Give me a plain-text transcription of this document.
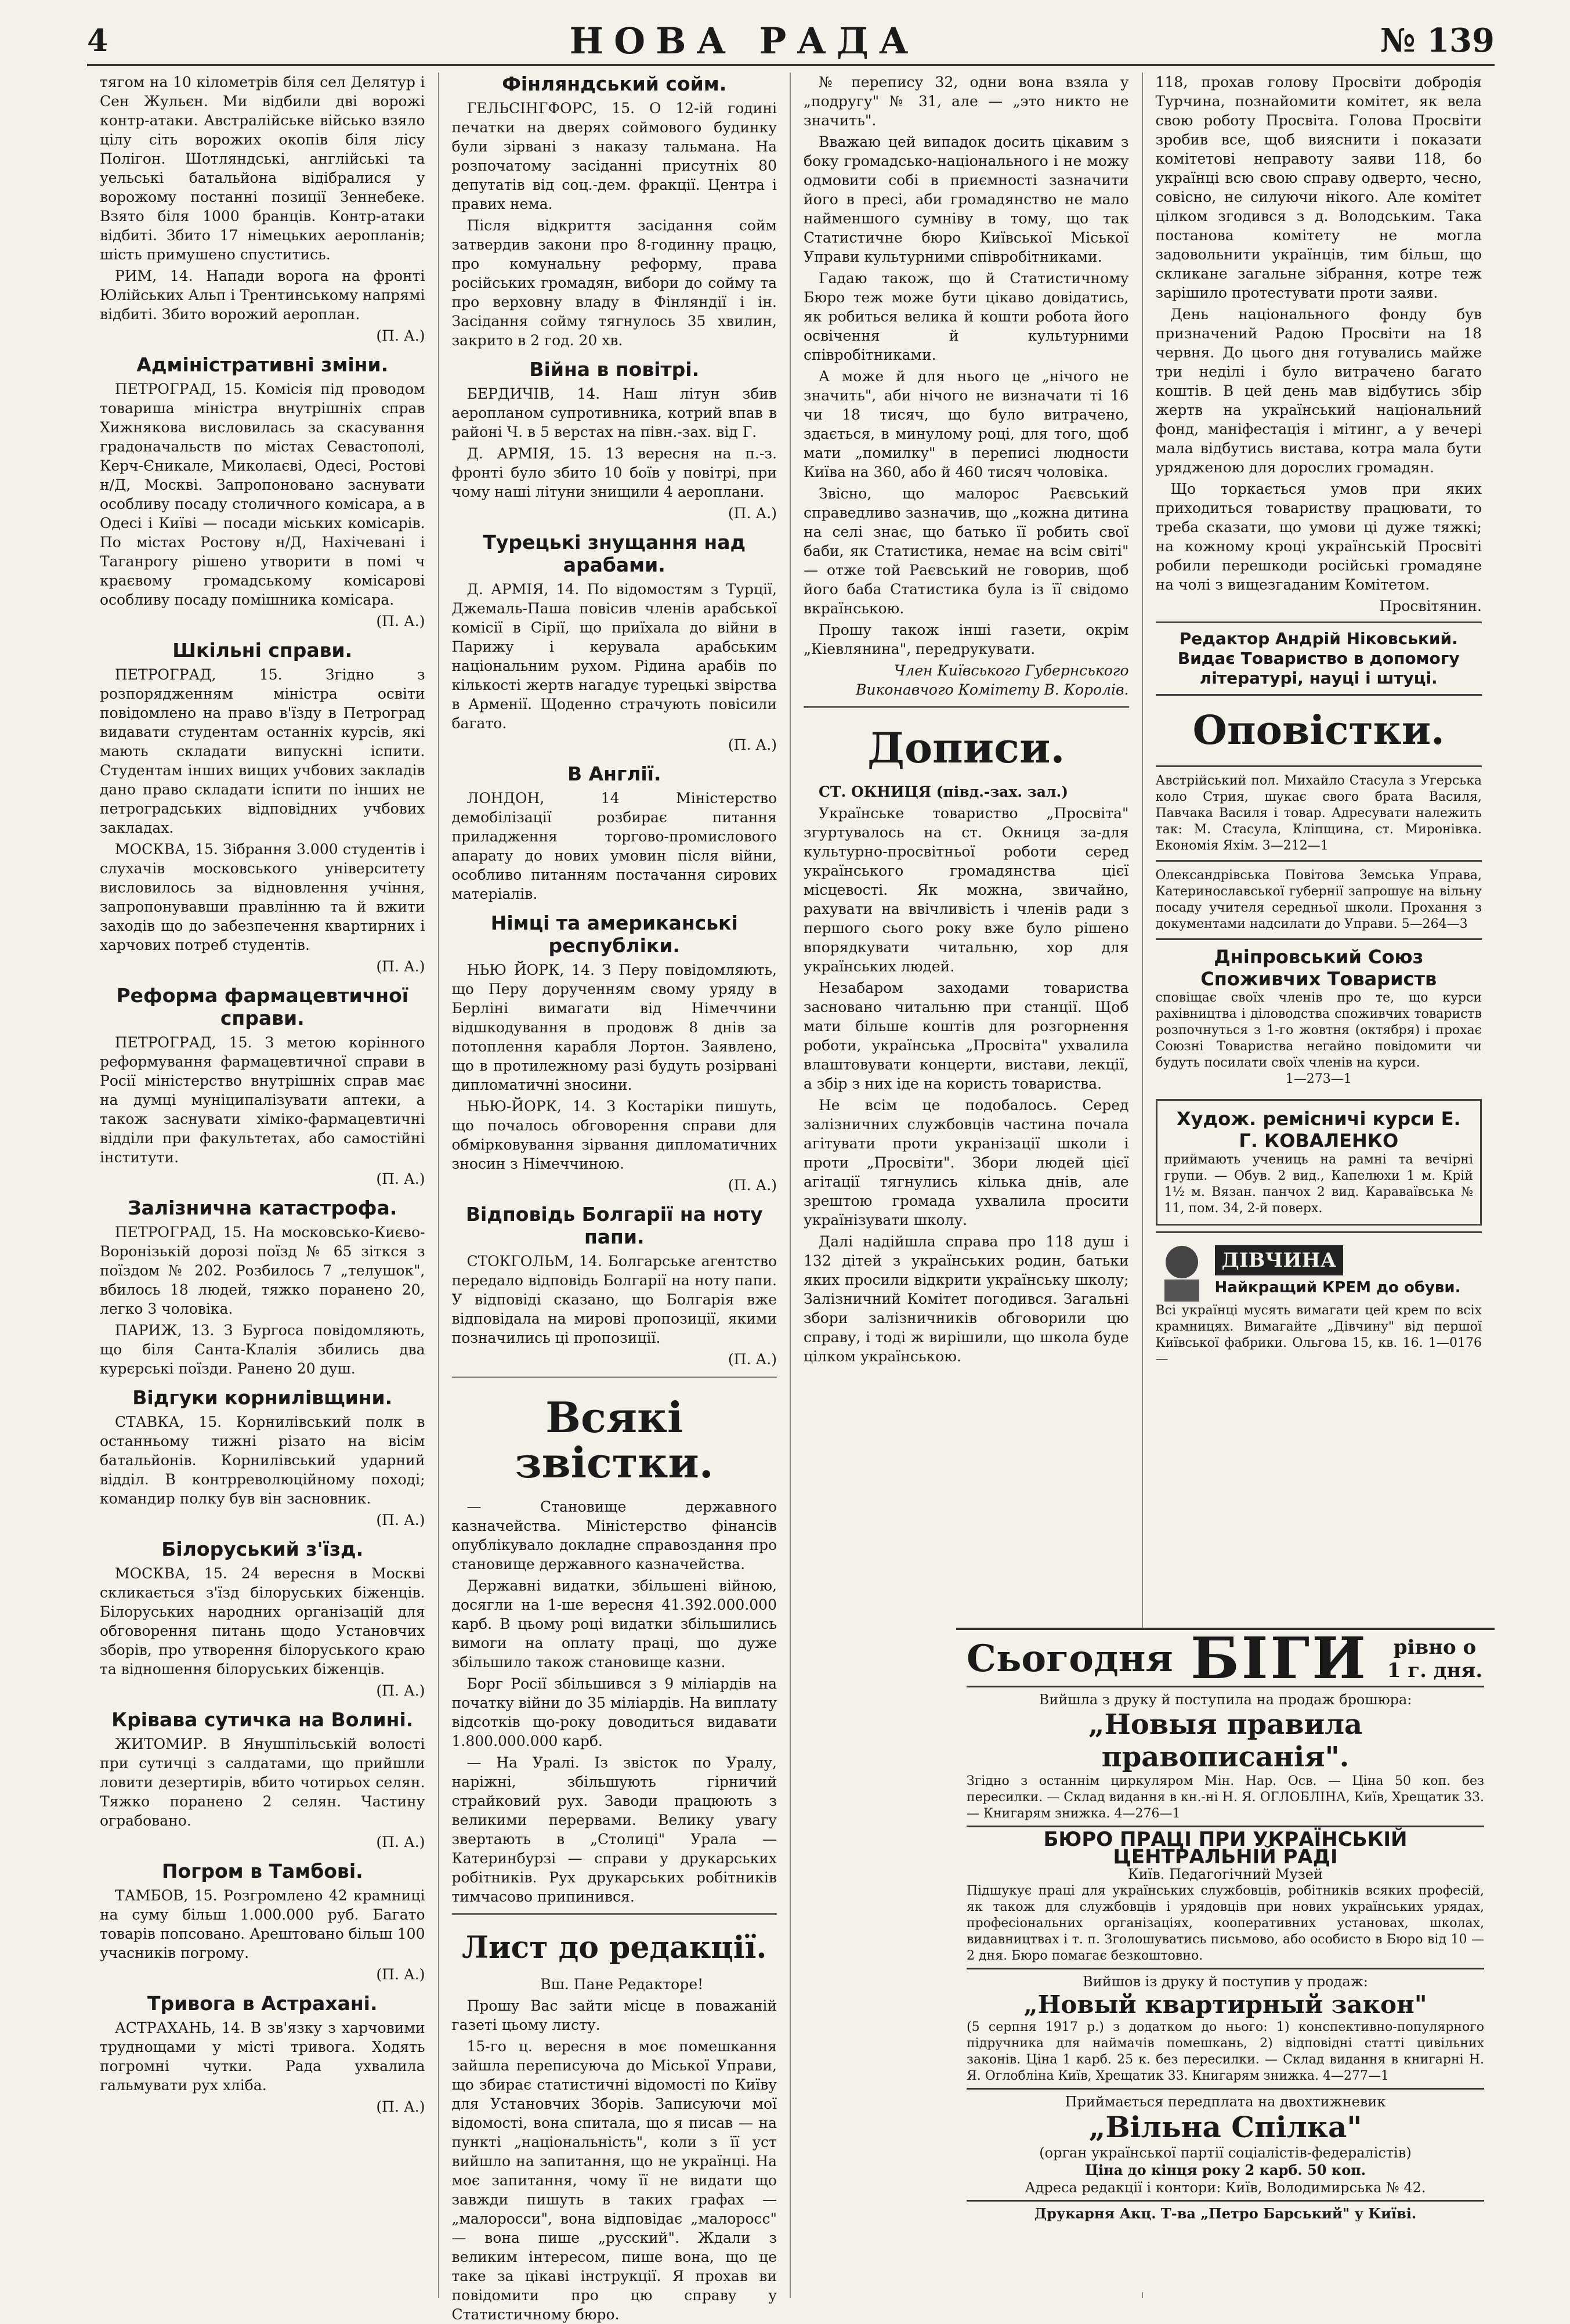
4	НОВА РАДА	№ 139

тягом на 10 кілометрів біля сел Делятур і Сен Жульєн. Ми відбили дві ворожі контр-атаки. Австралійське військо взяло цілу сіть ворожих окопів біля лісу Полігон. Шотляндські, англійські та уельські батальйона відібралися у ворожому постанні позиції Зеннебеке. Взято біля 1000 бранців. Контр-атаки відбиті. Збито 17 німецьких аеропланів; шість примушено спуститись.

РИМ, 14. Напади ворога на фронті Юлійських Альп і Трентинському напрямі відбиті. Збито ворожий аероплан.

(П. А.)

Адміністративні зміни.

ПЕТРОГРАД, 15. Комісія під проводом товариша міністра внутрішніх справ Хижнякова висловилась за скасування градоначальств по містах Севастополі, Керч-Єникале, Миколаєві, Одесі, Ростові н/Д, Москві. Запропоновано заснувати особливу посаду столичного комісара, а в Одесі і Київі — посади міських комісарів. По містах Ростову н/Д, Нахічевані і Таганрогу рішено утворити в помі ч краєвому громадському комісарові особливу посаду помішника комісара.

(П. А.)

Шкільні справи.

ПЕТРОГРАД, 15. Згідно з розпорядженням міністра освіти повідомлено на право в'їзду в Петроград видавати студентам останніх курсів, які мають складати випускні іспити. Студентам інших вищих учбових закладів дано право складати іспити по інших не петроградських відповідних учбових закладах.

МОСКВА, 15. Зібрання 3.000 студентів і слухачів московського університету висловилось за відновлення учіння, запропонувавши правлінню та й вжити заходів що до забезпечення квартирних і харчових потреб студентів.

(П. А.)

Реформа фармацевтичної справи.

ПЕТРОГРАД, 15. З метою корінного реформування фармацевтичної справи в Росії міністерство внутрішніх справ має на думці муніципалізувати аптеки, а також заснувати хіміко-фармацевтичні відділи при факультетах, або самостійні інститути.

(П. А.)

Залізнична катастрофа.

ПЕТРОГРАД, 15. На московсько-Києво-Воронізькій дорозі поїзд № 65 зіткся з поїздом № 202. Розбилось 7 „телушок", вбилось 18 людей, тяжко поранено 20, легко 3 чоловіка.

ПАРИЖ, 13. З Бургоса повідомляють, що біля Санта-Клалія збились два курєрські поїзди. Ранено 20 душ.

Відгуки корнилівщини.

СТАВКА, 15. Корнилівський полк в останньому тижні різато на вісім батальйонів. Корнилівський ударний відділ. В контрреволюційному поході; командир полку був він засновник.

(П. А.)

Білоруський з'їзд.

МОСКВА, 15. 24 вересня в Москві скликається з'їзд білоруських біженців. Білоруських народних організацій для обговорення питань щодо Установчих зборів, про утворення білоруського краю та відношення білоруських біженців.

(П. А.)

Крівава сутичка на Волині.

ЖИТОМИР. В Янушпільській волості при сутичці з салдатами, що прийшли ловити дезертирів, вбито чотирьох селян. Тяжко поранено 2 селян. Частину ограбовано.

(П. А.)

Погром в Тамбові.

ТАМБОВ, 15. Розгромлено 42 крамниці на суму більш 1.000.000 руб. Багато товарів попсовано. Арештовано більш 100 учасників погрому.

(П. А.)

Тривога в Астрахані.

АСТРАХАНЬ, 14. В зв'язку з харчовими труднощами у місті тривога. Ходять погромні чутки. Рада ухвалила гальмувати рух хліба.

(П. А.)

Фінляндський сойм.

ГЕЛЬСІНГФОРС, 15. О 12-ій годині печатки на дверях соймового будинку були зірвані з наказу тальмана. На розпочатому засіданні присутніх 80 депутатів від соц.-дем. фракції. Центра і правих нема.

Після відкриття засідання сойм затвердив закони про 8-годинну працю, про комунальну реформу, права російських громадян, вибори до сойму та про верховну владу в Фінляндії і ін. Засідання сойму тягнулось 35 хвилин, закрито в 2 год. 20 хв.

Війна в повітрі.

БЕРДИЧІВ, 14. Наш літун збив аеропланом супротивника, котрий впав в районі Ч. в 5 верстах на півн.-зах. від Г.

Д. АРМІЯ, 15. 13 вересня на п.-з. фронті було збито 10 боїв у повітрі, при чому наші літуни знищили 4 аероплани.

(П. А.)

Турецькі знущання над арабами.

Д. АРМІЯ, 14. По відомостям з Турції, Джемаль-Паша повісив членів арабської комісії в Сірії, що приїхала до війни в Парижу і керувала арабським національним рухом. Рідина арабів по кількості жертв нагадує турецькі звірства в Арменії. Щоденно страчують повісили багато.

(П. А.)

В Англії.

ЛОНДОН, 14 Міністерство демобілізації розбирає питання приладження торгово-промислового апарату до нових умовин після війни, особливо питанням постачання сирових матеріалів.

Німці та американські республіки.

НЬЮ ЙОРК, 14. З Перу повідомляють, що Перу дорученням свому уряду в Берліні вимагати від Німеччини відшкодування в продовж 8 днів за потоплення карабля Лортон. Заявлено, що в протилежному разі будуть розірвані дипломатичні зносини.

НЬЮ-ЙОРК, 14. З Костаріки пишуть, що почалось обговорення справи для обмірковування зірвання дипломатичних зносин з Німеччиною.

(П. А.)

Відповідь Болгарії на ноту папи.

СТОКГОЛЬМ, 14. Болгарське агентство передало відповідь Болгарії на ноту папи. У відповіді сказано, що Болгарія вже відповідала на мирові пропозиції, якими позначились ці пропозиції.

(П. А.)

Всякі звістки.

— Становище державного казначейства. Міністерство фінансів опублікувало докладне справоздання про становище державного казначейства.

Державні видатки, збільшені війною, досягли на 1-ше вересня 41.392.000.000 карб. В цьому році видатки збільшились вимоги на оплату праці, що дуже збільшило також становище казни.

Борг Росії збільшився з 9 міліардів на початку війни до 35 міліардів. На виплату відсотків що-року доводиться видавати 1.800.000.000 карб.

— На Уралі. Із звісток по Уралу, наріжні, збільшують гірничий страйковий рух. Заводи працюють з великими перервами. Велику увагу звертають в „Столиці" Урала — Катеринбурзі — справи у друкарських робітників. Рух друкарських робітників тимчасово припинився.

Лист до редакції.

Вш. Пане Редакторе!

Прошу Вас зайти місце в поважаній газеті цьому листу.

15-го ц. вересня в моє помешкання зайшла переписуюча до Міської Управи, що збирає статистичні відомості по Київу для Установчих Зборів. Записуючи мої відомості, вона спитала, що я писав — на пункті „національність", коли з її уст вийшло на запитання, що не українці. На моє запитання, чому її не видати що завжди пишуть в таких графах — „малоросси", вона відповідає „малоросс" — вона пише „русский". Ждали з великим інтересом, пише вона, що це таке за цікаві інструкції. Я прохав ви повідомити про цю справу у Статистичному бюро.

№ перепису 32, одни вона взяла у „подругу" № 31, але — „это никто не значить".

Вважаю цей випадок досить цікавим з боку громадсько-національного і не можу одмовити собі в приємності зазначити його в пресі, аби громадянство не мало найменшого сумніву в тому, що так Статистичне бюро Київської Міської Управи культурними співробітниками.

Гадаю також, що й Статистичному Бюро теж може бути цікаво довідатись, як робиться велика й кошти робота його освічення й культурними співробітниками.

А може й для нього це „нічого не значить", аби нічого не визначати ті 16 чи 18 тисяч, що було витрачено, здається, в минулому році, для того, щоб мати „помилку" в переписі людности Київа на 360, або й 460 тисяч чоловіка.

Звісно, що малорос Раєвський справедливо зазначив, що „кожна дитина на селі знає, що батько її робить свої баби, як Статистика, немає на всім світі" — отже той Раєвський не говорив, щоб його баба Статистика була із її свідомо вкраїнською.

Прошу також інші газети, окрім „Кіевлянина", передрукувати.

Член Київського Губернського Виконавчого Комітету В. Королів.

Дописи.

СТ. ОКНИЦЯ (півд.-зах. зал.)

Українське товариство „Просвіта" згуртувалось на ст. Окниця за-для культурно-просвітньої роботи серед українського громадянства цієї місцевості. Як можна, звичайно, рахувати на ввічливість і членів ради з першого сього року вже було рішено впорядкувати читальню, хор для українських людей.

Незабаром заходами товариства засновано читальню при станції. Щоб мати більше коштів для розгорнення роботи, українська „Просвіта" ухвалила влаштовувати концерти, вистави, лекції, а збір з них іде на користь товариства.

Не всім це подобалось. Серед залізничних службовців частина почала агітувати проти укранізації школи і проти „Просвіти". Збори людей цієї агітації тягнулись кілька днів, але зрештою громада ухвалила просити українізувати школу.

Далі надійшла справа про 118 душ і 132 дітей з українських родин, батьки яких просили відкрити українську школу; Залізничний Комітет погодився. Загальні збори залізничників обговорили цю справу, і тоді ж вирішили, що школа буде цілком українською.

118, прохав голову Просвіти добродія Турчина, познайомити комітет, як вела свою роботу Просвіта. Голова Просвіти зробив все, щоб вияснити і показати комітетові неправоту заяви 118, бо українці всю свою справу одверто, чесно, совісно, не силуючи нікого. Але комітет цілком згодився з д. Володським. Така постанова комітету не могла задовольнити українців, тим більш, що скликане загальне зібрання, котре теж зарішило протестувати проти заяви.

День національного фонду був призначений Радою Просвіти на 18 червня. До цього дня готувались майже три неділі і було витрачено багато коштів. В цей день мав відбутись збір жертв на український національний фонд, маніфестація і мітинг, а у вечері мала відбутись вистава, котра мала бути урядженою для дорослих громадян.

Що торкається умов при яких приходиться товариству працювати, то треба сказати, що умови ці дуже тяжкі; на кожному кроці українській Просвіті робили перешкоди російські громадяне на чолі з вищезгаданим Комітетом.

Просвітянин.

Редактор Андрій Ніковський. Видає Товариство в допомогу літературі, науці і штуці.
Оповістки.
Австрійський пол. Михайло Стасула з Угерська коло Стрия, шукає свого брата Василя, Павчака Василя і товар. Адресувати належить так: М. Стасула, Кліпщина, ст. Миронівка. Економія Яхім. 3—212—1
Олександрівська Повітова Земська Управа, Катеринославської губернії запрошує на вільну посаду учителя середньої школи. Прохання з документами надсилати до Управи. 5—264—3
Дніпровський Союз Споживчих Товариств
сповіщає своїх членів про те, що курси рахівництва і діловодства споживчих товариств розпочнуться з 1-го жовтня (октября) і прохає Союзні Товариства негайно повідомити чи будуть посилати своїх членів на курси.
1—273—1
Худож. ремісничі курси Е. Г. КОВАЛЕНКО
приймають учениць на рамні та вечірні групи. — Обув. 2 вид., Капелюхи 1 м. Крій 1½ м. Вязан. панчох 2 вид. Караваївська № 11, пом. 34, 2-й поверх.
ДІВЧИНА
Найкращий КРЕМ до обуви.
Всі українці мусять вимагати цей крем по всіх крамницях. Вимагайте „Дівчину" від першої Київської фабрики. Ольгова 15, кв. 16. 1—0176—
Сьогодня БІГИ	рівно о 1 г. дня.
Вийшла з друку й поступила на продаж брошюра:
„Новыя правила правописанія".
Згідно з останнім циркуляром Мін. Нар. Осв. — Ціна 50 коп. без пересилки. — Склад видання в кн.-ні Н. Я. ОГЛОБЛІНА, Київ, Хрещатик 33. — Книгарям знижка. 4—276—1
БЮРО ПРАЦІ ПРИ УКРАЇНСЬКІЙ ЦЕНТРАЛЬНІЙ РАДІ
Київ. Педагогічний Музей
Підшукує праці для українських службовців, робітників всяких професій, як також для службовців і урядовців при нових українських урядах, професіональних організаціях, кооперативних установах, школах, видавництвах і т. п. Зголошуватись письмово, або особисто в Бюро від 10 — 2 дня. Бюро помагає безкоштовно.
Вийшов із друку й поступив у продаж:
„Новый квартирный закон"
(5 серпня 1917 р.) з додатком до нього: 1) конспективно-популярного підручника для наймачів помешкань, 2) відповідні статті цивільних законів. Ціна 1 карб. 25 к. без пересилки. — Склад видання в книгарні Н. Я. Оглобліна Київ, Хрещатик 33. Книгарям знижка. 4—277—1
Приймається передплата на двохтижневик
„Вільна Спілка"
(орган української партії соціалістів-федералістів)
Ціна до кінця року 2 карб. 50 коп.
Адреса редакції і контори: Київ, Володимирська № 42.
Друкарня Акц. Т-ва „Петро Барський" у Київі.
